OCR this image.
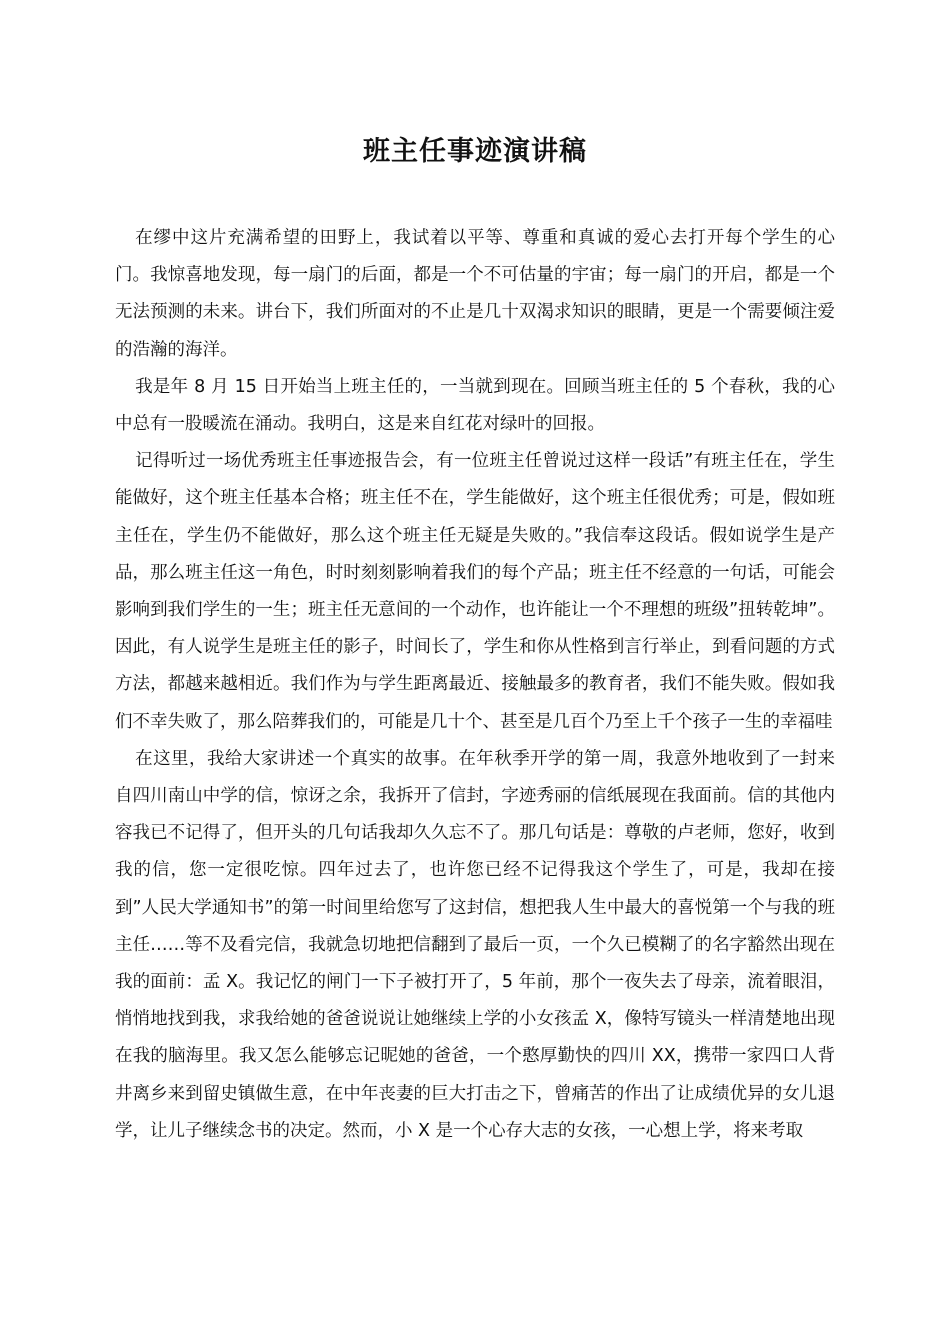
班主任事迹演讲稿

在缪中这片充满希望的田野上，我试着以平等、尊重和真诚的爱心去打开每个学生的心门。我惊喜地发现，每一扇门的后面，都是一个不可估量的宇宙；每一扇门的开启，都是一个无法预测的未来。讲台下，我们所面对的不止是几十双渴求知识的眼睛，更是一个需要倾注爱的浩瀚的海洋。

我是年 8 月 15 日开始当上班主任的，一当就到现在。回顾当班主任的 5 个春秋，我的心中总有一股暖流在涌动。我明白，这是来自红花对绿叶的回报。

记得听过一场优秀班主任事迹报告会，有一位班主任曾说过这样一段话”有班主任在，学生能做好，这个班主任基本合格；班主任不在，学生能做好，这个班主任很优秀；可是，假如班主任在，学生仍不能做好，那么这个班主任无疑是失败的。”我信奉这段话。假如说学生是产品，那么班主任这一角色，时时刻刻影响着我们的每个产品；班主任不经意的一句话，可能会影响到我们学生的一生；班主任无意间的一个动作，也许能让一个不理想的班级”扭转乾坤”。因此，有人说学生是班主任的影子，时间长了，学生和你从性格到言行举止，到看问题的方式方法，都越来越相近。我们作为与学生距离最近、接触最多的教育者，我们不能失败。假如我们不幸失败了，那么陪葬我们的，可能是几十个、甚至是几百个乃至上千个孩子一生的幸福哇

在这里，我给大家讲述一个真实的故事。在年秋季开学的第一周，我意外地收到了一封来自四川南山中学的信，惊讶之余，我拆开了信封，字迹秀丽的信纸展现在我面前。信的其他内容我已不记得了，但开头的几句话我却久久忘不了。那几句话是：尊敬的卢老师，您好，收到我的信，您一定很吃惊。四年过去了，也许您已经不记得我这个学生了，可是，我却在接到”人民大学通知书”的第一时间里给您写了这封信，想把我人生中最大的喜悦第一个与我的班主任……等不及看完信，我就急切地把信翻到了最后一页，一个久已模糊了的名字豁然出现在我的面前：孟 X。我记忆的闸门一下子被打开了，5 年前，那个一夜失去了母亲，流着眼泪，悄悄地找到我，求我给她的爸爸说说让她继续上学的小女孩孟 X，像特写镜头一样清楚地出现在我的脑海里。我又怎么能够忘记昵她的爸爸，一个憨厚勤快的四川 XX，携带一家四口人背井离乡来到留史镇做生意，在中年丧妻的巨大打击之下，曾痛苦的作出了让成绩优异的女儿退学，让儿子继续念书的决定。然而，小 X 是一个心存大志的女孩，一心想上学，将来考取
